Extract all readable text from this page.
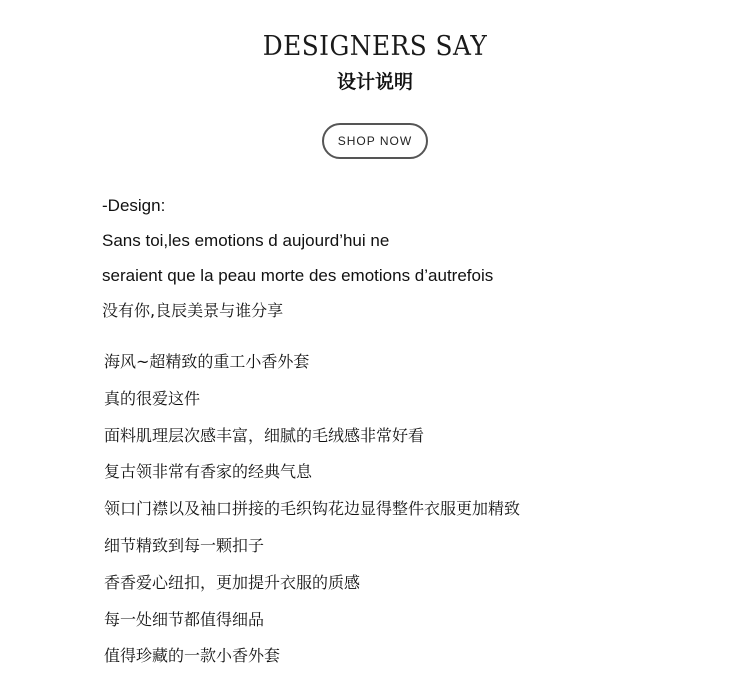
DESIGNERS SAY
设计说明
SHOP NOW
-Design:
Sans toi,les emotions d aujourd’hui ne
seraient que la peau morte des emotions d’autrefois
没有你,良辰美景与谁分享
海风~超精致的重工小香外套
真的很爱这件
面料肌理层次感丰富，细腻的毛绒感非常好看
复古领非常有香家的经典气息
领口门襟以及袖口拼接的毛织钩花边显得整件衣服更加精致
细节精致到每一颗扣子
香香爱心纽扣，更加提升衣服的质感
每一处细节都值得细品
值得珍藏的一款小香外套
